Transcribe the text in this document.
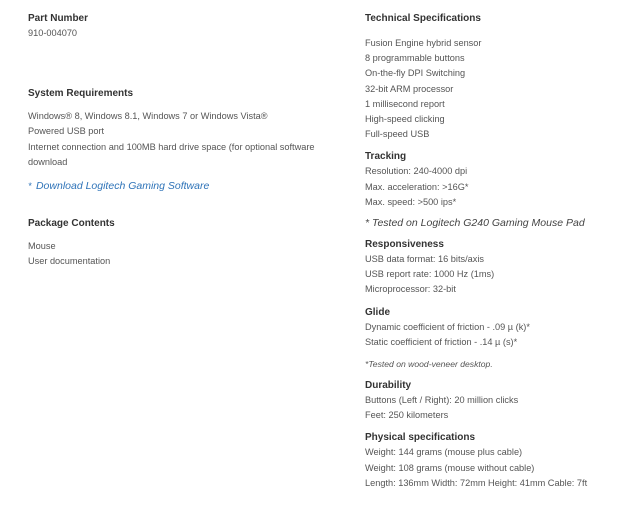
Part Number
910-004070
System Requirements
Windows® 8, Windows 8.1, Windows 7 or Windows Vista®
Powered USB port
Internet connection and 100MB hard drive space (for optional software download
* Download Logitech Gaming Software
Package Contents
Mouse
User documentation
Technical Specifications
Fusion Engine hybrid sensor
8 programmable buttons
On-the-fly DPI Switching
32-bit ARM processor
1 millisecond report
High-speed clicking
Full-speed USB
Tracking
Resolution: 240-4000 dpi
Max. acceleration: >16G*
Max. speed: >500 ips*
* Tested on Logitech G240 Gaming Mouse Pad
Responsiveness
USB data format: 16 bits/axis
USB report rate: 1000 Hz (1ms)
Microprocessor: 32-bit
Glide
Dynamic coefficient of friction - .09 µ (k)*
Static coefficient of friction - .14 µ (s)*
*Tested on wood-veneer desktop.
Durability
Buttons (Left / Right): 20 million clicks
Feet: 250 kilometers
Physical specifications
Weight: 144 grams (mouse plus cable)
Weight: 108 grams (mouse without cable)
Length: 136mm Width: 72mm Height: 41mm Cable: 7ft
